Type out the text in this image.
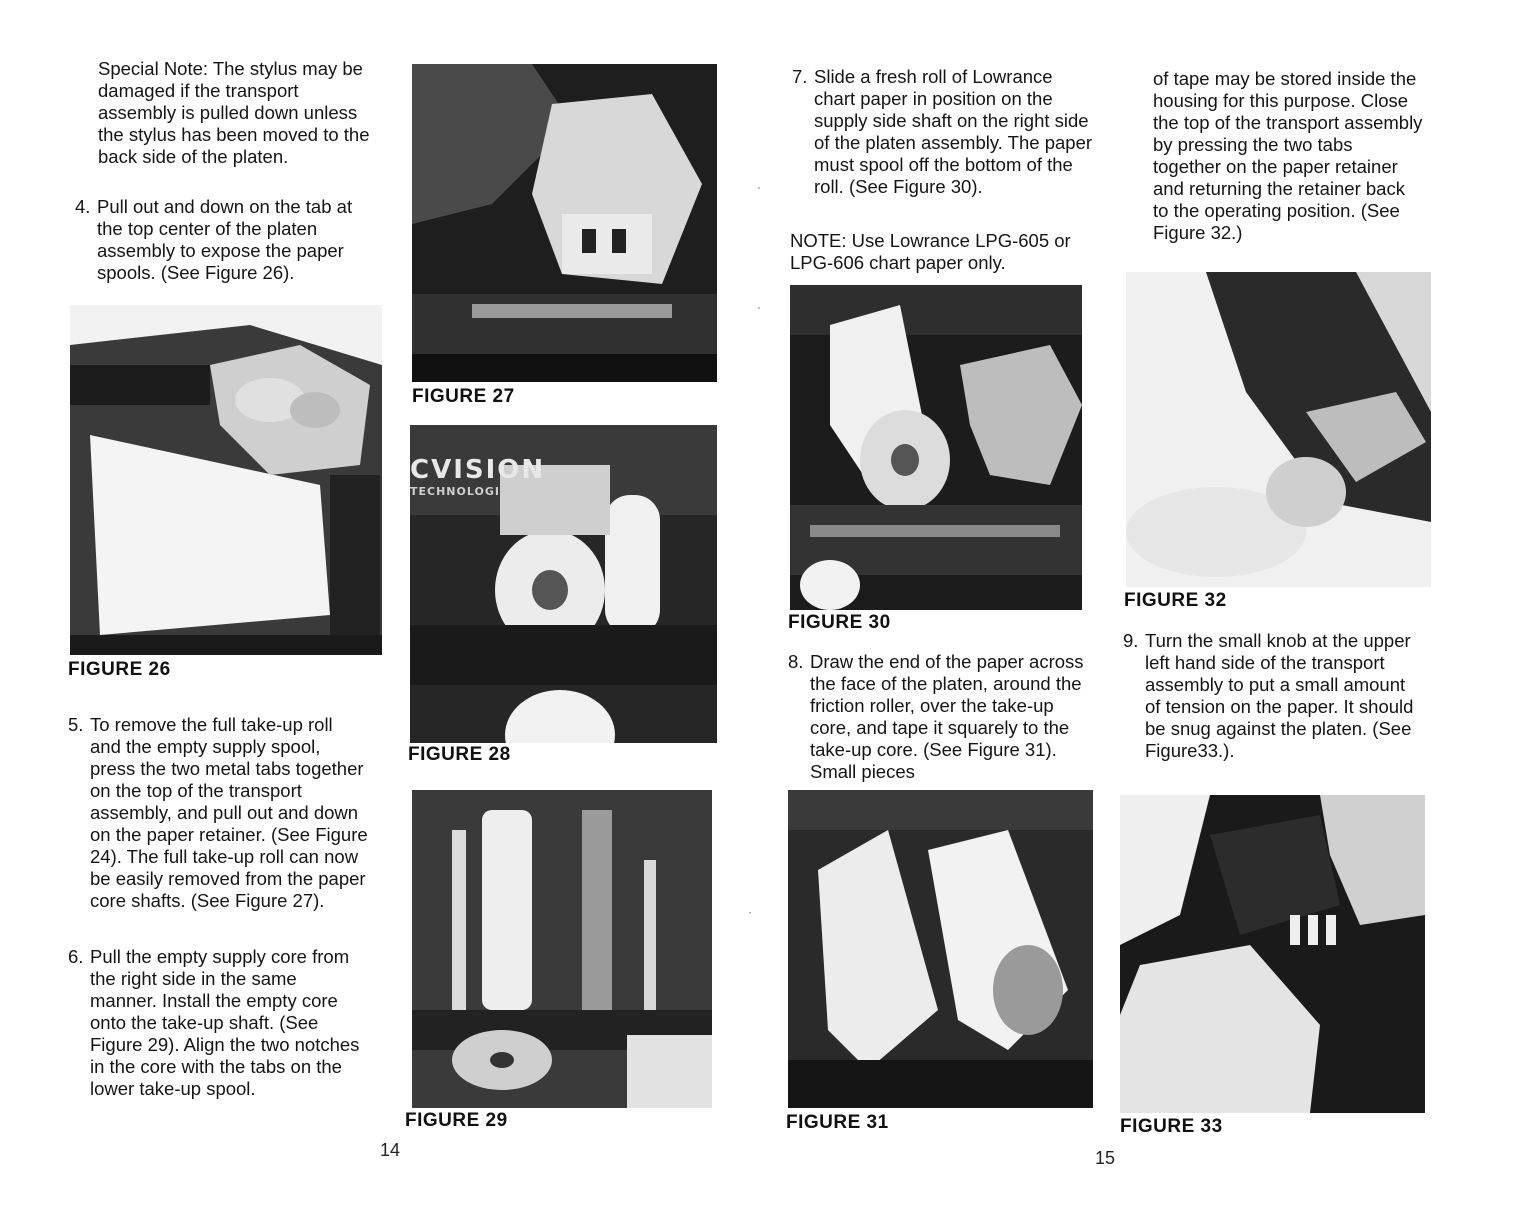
Special Note: The stylus may be damaged if the transport assembly is pulled down unless the stylus has been moved to the back side of the platen.

4. Pull out and down on the tab at the top center of the platen assembly to expose the paper spools. (See Figure 26).
5. To remove the full take-up roll and the empty supply spool, press the two metal tabs together on the top of the transport assembly, and pull out and down on the paper retainer. (See Figure 24). The full take-up roll can now be easily removed from the paper core shafts. (See Figure 27).
6. Pull the empty supply core from the right side in the same manner. Install the empty core onto the take-up shaft. (See Figure 29). Align the two notches in the core with the tabs on the lower take-up spool.
14
FIGURE 26
FIGURE 27
CVISION
TECHNOLOGIES
FIGURE 28
FIGURE 29
7. Slide a fresh roll of Lowrance chart paper in position on the supply side shaft on the right side of the platen assembly. The paper must spool off the bottom of the roll. (See Figure 30).

NOTE: Use Lowrance LPG-605 or LPG-606 chart paper only.

8. Draw the end of the paper across the face of the platen, around the friction roller, over the take-up core, and tape it squarely to the take-up core. (See Figure 31). Small pieces

of tape may be stored inside the housing for this purpose. Close the top of the transport assembly by pressing the two tabs together on the paper retainer and returning the retainer back to the operating position. (See Figure 32.)

9. Turn the small knob at the upper left hand side of the transport assembly to put a small amount of tension on the paper. It should be snug against the platen. (See Figure33.).
15
FIGURE 30
FIGURE 31
FIGURE 32
FIGURE 33
·
·
·
